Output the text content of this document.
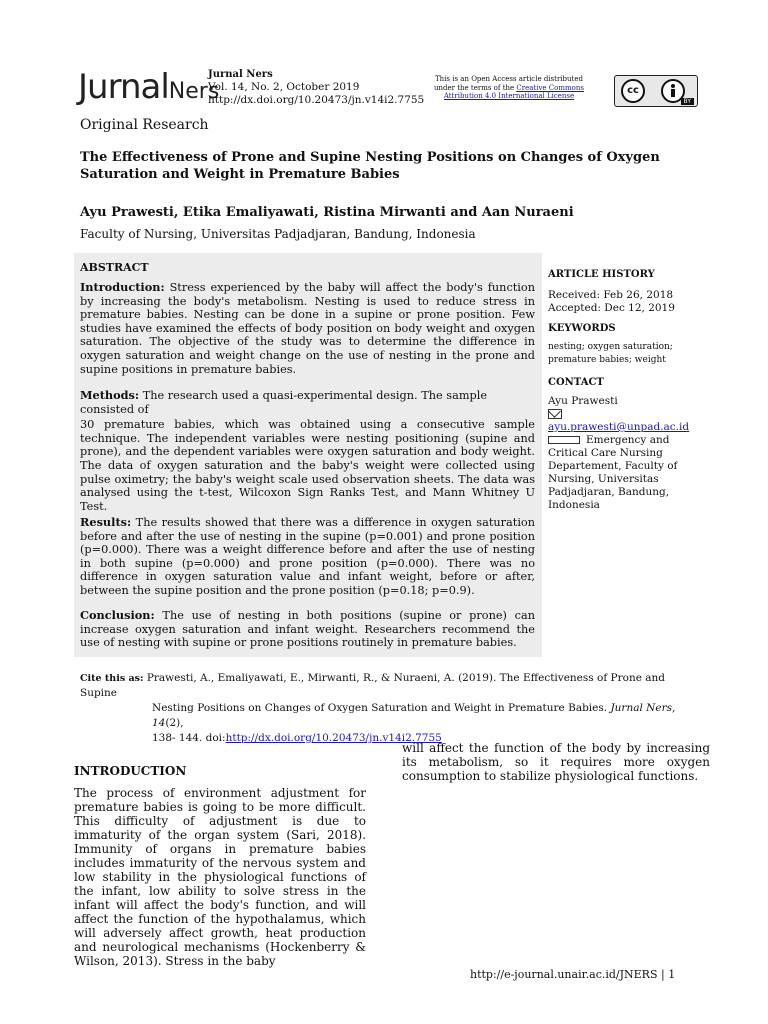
JurnalNers
Jurnal Ners
Vol. 14, No. 2, October 2019
http://dx.doi.org/10.20473/jn.v14i2.7755
This is an Open Access article distributed under the terms of the Creative Commons Attribution 4.0 International License	cc
BY
Original Research
The Effectiveness of Prone and Supine Nesting Positions on Changes of Oxygen Saturation and Weight in Premature Babies
Ayu Prawesti, Etika Emaliyawati, Ristina Mirwanti and Aan Nuraeni
Faculty of Nursing, Universitas Padjadjaran, Bandung, Indonesia
ABSTRACT
Introduction: Stress experienced by the baby will affect the body's function by increasing the body's metabolism. Nesting is used to reduce stress in premature babies. Nesting can be done in a supine or prone position. Few studies have examined the effects of body position on body weight and oxygen saturation. The objective of the study was to determine the difference in oxygen saturation and weight change on the use of nesting in the prone and supine positions in premature babies.
Methods: The research used a quasi-experimental design. The sample consisted of
30 premature babies, which was obtained using a consecutive sample technique. The independent variables were nesting positioning (supine and prone), and the dependent variables were oxygen saturation and body weight. The data of oxygen saturation and the baby's weight were collected using pulse oximetry; the baby's weight scale used observation sheets. The data was analysed using the t-test, Wilcoxon Sign Ranks Test, and Mann Whitney U Test.
Results: The results showed that there was a difference in oxygen saturation before and after the use of nesting in the supine (p=0.001) and prone position (p=0.000). There was a weight difference before and after the use of nesting in both supine (p=0.000) and prone position (p=0.000). There was no difference in oxygen saturation value and infant weight, before or after, between the supine position and the prone position (p=0.18; p=0.9).
Conclusion: The use of nesting in both positions (supine or prone) can increase oxygen saturation and infant weight. Researchers recommend the use of nesting with supine or prone positions routinely in premature babies.
ARTICLE HISTORY
Received: Feb 26, 2018
Accepted: Dec 12, 2019
KEYWORDS
nesting; oxygen saturation; premature babies; weight
CONTACT
Ayu Prawesti
ayu.prawesti@unpad.ac.id
Emergency and Critical Care Nursing Departement, Faculty of Nursing, Universitas Padjadjaran, Bandung, Indonesia
Cite this as: Prawesti, A., Emaliyawati, E., Mirwanti, R., & Nuraeni, A. (2019). The Effectiveness of Prone and Supine
Nesting Positions on Changes of Oxygen Saturation and Weight in Premature Babies. Jurnal Ners, 14(2),
138- 144. doi:http://dx.doi.org/10.20473/jn.v14i2.7755
INTRODUCTION
The process of environment adjustment for premature babies is going to be more difficult. This difficulty of adjustment is due to immaturity of the organ system (Sari, 2018). Immunity of organs in premature babies includes immaturity of the nervous system and low stability in the physiological functions of the infant, low ability to solve stress in the infant will affect the body's function, and will affect the function of the hypothalamus, which will adversely affect growth, heat production and neurological mechanisms (Hockenberry & Wilson, 2013). Stress in the baby
will affect the function of the body by increasing its metabolism, so it requires more oxygen consumption to stabilize physiological functions.
http://e-journal.unair.ac.id/JNERS | 1
